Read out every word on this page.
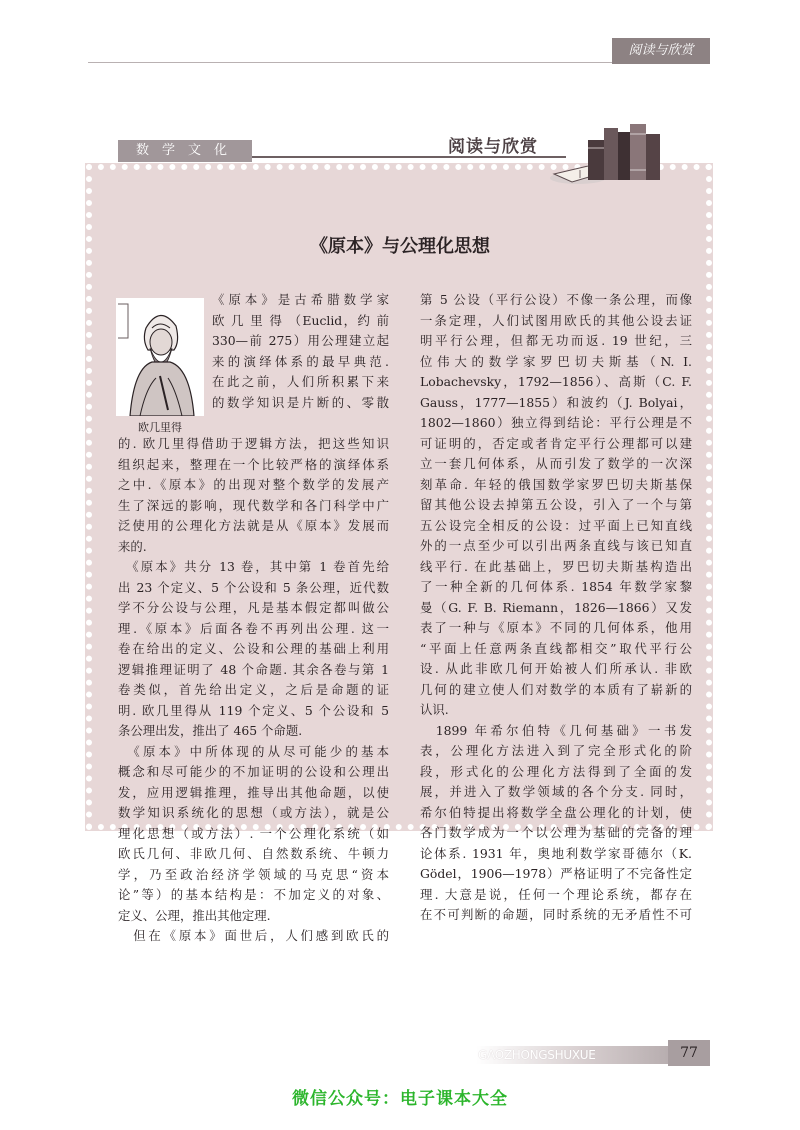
阅读与欣赏
数学文化	阅读与欣赏
《原本》与公理化思想
欧几里得
《原本》是古希腊数学家
欧 几 里 得 （Euclid，约 前
330—前 275）用公理建立起
来的演绎体系的最早典范.
在此之前，人们所积累下来
的数学知识是片断的、零散
的. 欧几里得借助于逻辑方法，把这些知识
组织起来，整理在一个比较严格的演绎体系
之中.《原本》的出现对整个数学的发展产
生了深远的影响，现代数学和各门科学中广
泛使用的公理化方法就是从《原本》发展而
来的.
　《原本》共分 13 卷，其中第 1 卷首先给
出 23 个定义、5 个公设和 5 条公理，近代数
学不分公设与公理，凡是基本假定都叫做公
理.《原本》后面各卷不再列出公理. 这一
卷在给出的定义、公设和公理的基础上利用
逻辑推理证明了 48 个命题. 其余各卷与第 1
卷类似，首先给出定义，之后是命题的证
明. 欧几里得从 119 个定义、5 个公设和 5
条公理出发，推出了 465 个命题.
　《原本》中所体现的从尽可能少的基本
概念和尽可能少的不加证明的公设和公理出
发，应用逻辑推理，推导出其他命题，以使
数学知识系统化的思想（或方法），就是公
理化思想（或方法）. 一个公理化系统（如
欧氏几何、非欧几何、自然数系统、牛顿力
学，乃至政治经济学领域的马克思“资本
论”等）的基本结构是：不加定义的对象、
定义、公理，推出其他定理.
　但在《原本》面世后，人们感到欧氏的
第 5 公设（平行公设）不像一条公理，而像
一条定理，人们试图用欧氏的其他公设去证
明平行公理，但都无功而返. 19 世纪，三
位伟大的数学家罗巴切夫斯基（N. I.
Lobachevsky，1792—1856）、高斯（C. F.
Gauss，1777—1855）和波约（J. Bolyai，
1802—1860）独立得到结论：平行公理是不
可证明的，否定或者肯定平行公理都可以建
立一套几何体系，从而引发了数学的一次深
刻革命. 年轻的俄国数学家罗巴切夫斯基保
留其他公设去掉第五公设，引入了一个与第
五公设完全相反的公设：过平面上已知直线
外的一点至少可以引出两条直线与该已知直
线平行. 在此基础上，罗巴切夫斯基构造出
了一种全新的几何体系. 1854 年数学家黎
曼（G. F. B. Riemann，1826—1866）又发
表了一种与《原本》不同的几何体系，他用
“平面上任意两条直线都相交”取代平行公
设. 从此非欧几何开始被人们所承认. 非欧
几何的建立使人们对数学的本质有了崭新的
认识.
　1899 年希尔伯特《几何基础》一书发
表，公理化方法进入到了完全形式化的阶
段，形式化的公理化方法得到了全面的发
展，并进入了数学领域的各个分支. 同时，
希尔伯特提出将数学全盘公理化的计划，使
各门数学成为一个以公理为基础的完备的理
论体系. 1931 年，奥地利数学家哥德尔（K.
Gödel，1906—1978）严格证明了不完备性定
理. 大意是说，任何一个理论系统，都存在
在不可判断的命题，同时系统的无矛盾性不可
GAOZHONGSHUXUE	77
微信公众号：电子课本大全
